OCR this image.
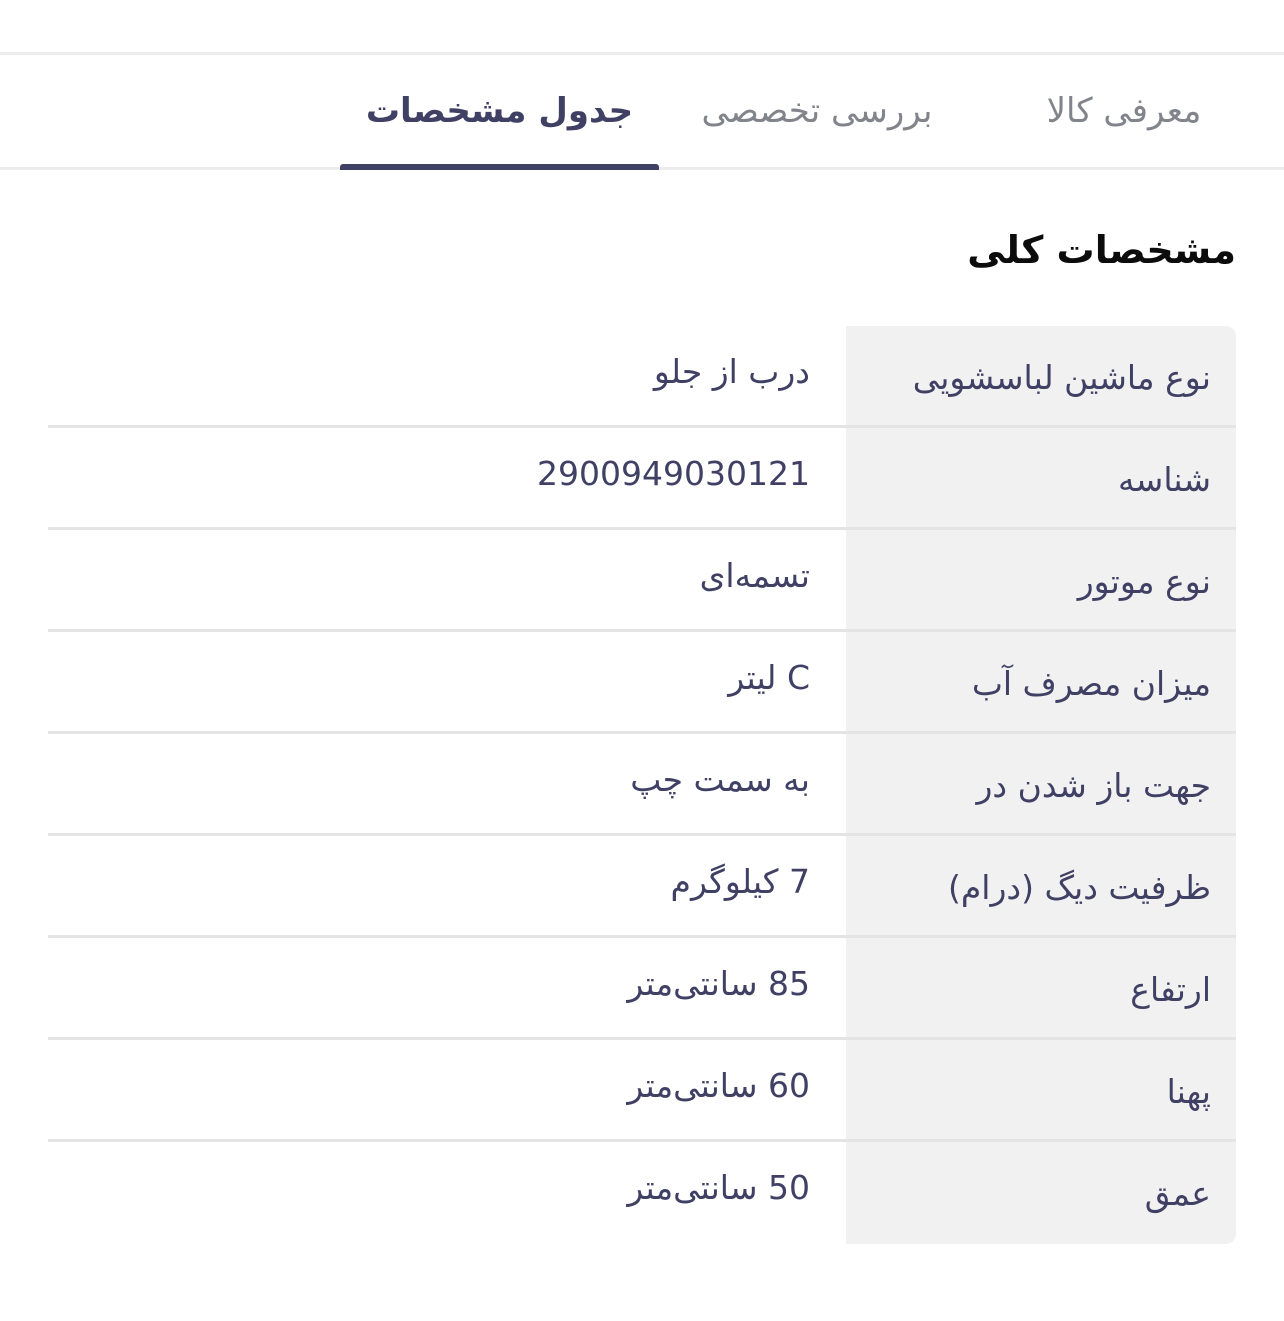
معرفی کالا
بررسی تخصصی
جدول مشخصات
مشخصات کلی
نوع ماشین لباسشویی
درب از جلو
شناسه
2900949030121
نوع موتور
تسمه‌ای
میزان مصرف آب
C لیتر
جهت باز شدن در
به سمت چپ
ظرفیت دیگ (درام)
7 کیلوگرم
ارتفاع
85 سانتی‌متر
پهنا
60 سانتی‌متر
عمق
50 سانتی‌متر
